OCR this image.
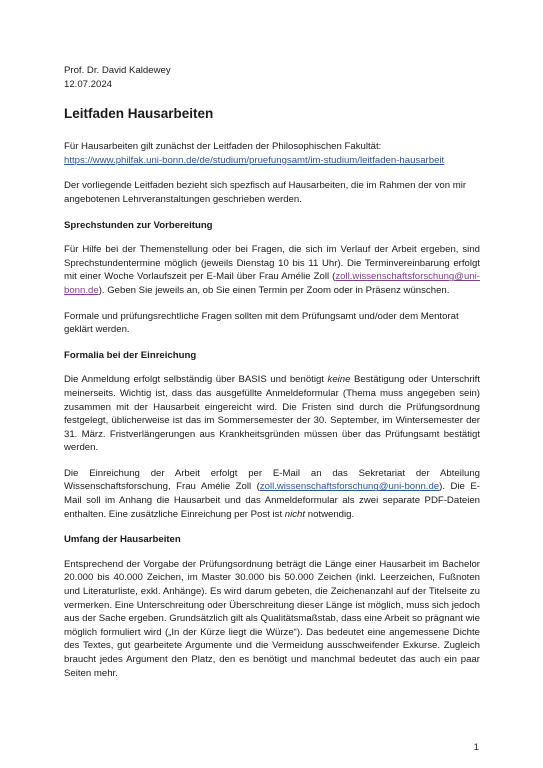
Prof. Dr. David Kaldewey

12.07.2024

Leitfaden Hausarbeiten

Für Hausarbeiten gilt zunächst der Leitfaden der Philosophischen Fakultät:
https://www.philfak.uni-bonn.de/de/studium/pruefungsamt/im-studium/leitfaden-hausarbeit

Der vorliegende Leitfaden bezieht sich spezfisch auf Hausarbeiten, die im Rahmen der von mir angebotenen Lehrveranstaltungen geschrieben werden.

Sprechstunden zur Vorbereitung

Für Hilfe bei der Themenstellung oder bei Fragen, die sich im Verlauf der Arbeit ergeben, sind Sprechstundentermine möglich (jeweils Dienstag 10 bis 11 Uhr). Die Terminvereinbarung erfolgt mit einer Woche Vorlaufszeit per E-Mail über Frau Amélie Zoll (zoll.wissenschaftsforschung@uni-bonn.de). Geben Sie jeweils an, ob Sie einen Termin per Zoom oder in Präsenz wünschen.

Formale und prüfungsrechtliche Fragen sollten mit dem Prüfungsamt und/oder dem Mentorat geklärt werden.

Formalia bei der Einreichung

Die Anmeldung erfolgt selbständig über BASIS und benötigt keine Bestätigung oder Unterschrift meinerseits. Wichtig ist, dass das ausgefüllte Anmeldeformular (Thema muss angegeben sein) zusammen mit der Hausarbeit eingereicht wird. Die Fristen sind durch die Prüfungsordnung festgelegt, üblicherweise ist das im Sommersemester der 30. September, im Wintersemester der 31. März. Fristverlängerungen aus Krankheitsgründen müssen über das Prüfungsamt bestätigt werden.

Die Einreichung der Arbeit erfolgt per E-Mail an das Sekretariat der Abteilung Wissenschaftsforschung, Frau Amélie Zoll (zoll.wissenschaftsforschung@uni-bonn.de). Die E-Mail soll im Anhang die Hausarbeit und das Anmeldeformular als zwei separate PDF-Dateien enthalten. Eine zusätzliche Einreichung per Post ist nicht notwendig.

Umfang der Hausarbeiten

Entsprechend der Vorgabe der Prüfungsordnung beträgt die Länge einer Hausarbeit im Bachelor 20.000 bis 40.000 Zeichen, im Master 30.000 bis 50.000 Zeichen (inkl. Leerzeichen, Fußnoten und Literaturliste, exkl. Anhänge). Es wird darum gebeten, die Zeichenanzahl auf der Titelseite zu vermerken. Eine Unterschreitung oder Überschreitung dieser Länge ist möglich, muss sich jedoch aus der Sache ergeben. Grundsätzlich gilt als Qualitätsmaßstab, dass eine Arbeit so prägnant wie möglich formuliert wird („In der Kürze liegt die Würze“). Das bedeutet eine angemessene Dichte des Textes, gut gearbeitete Argumente und die Vermeidung ausschweifender Exkurse. Zugleich braucht jedes Argument den Platz, den es benötigt und manchmal bedeutet das auch ein paar Seiten mehr.

1
